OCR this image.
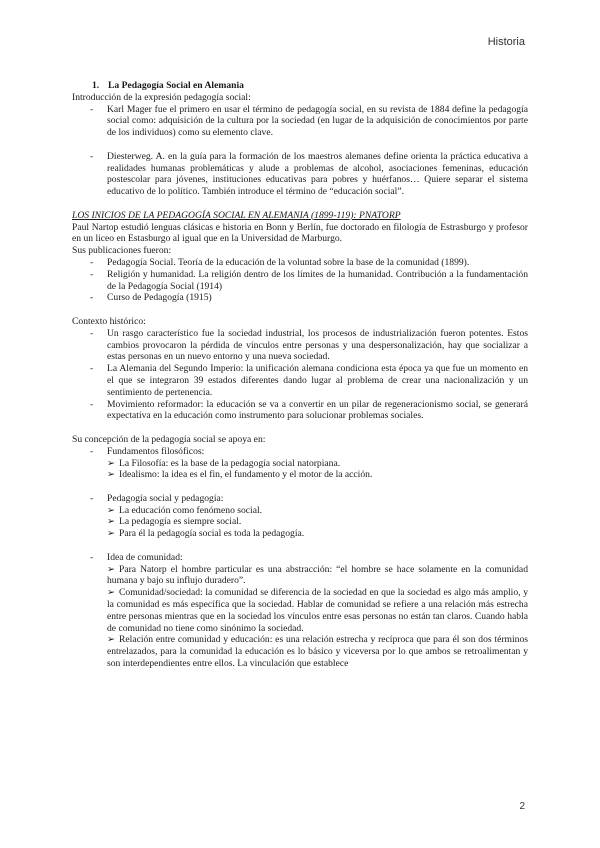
Historia

1. La Pedagogía Social en Alemania

Introducción de la expresión pedagogía social:

- Karl Mager fue el primero en usar el término de pedagogía social, en su revista de 1884 define la pedagogía social como: adquisición de la cultura por la sociedad (en lugar de la adquisición de conocimientos por parte de los individuos) como su elemento clave.

- Diesterweg. A. en la guía para la formación de los maestros alemanes define orienta la práctica educativa a realidades humanas problemáticas y alude a problemas de alcohol, asociaciones femeninas, educación postescolar para jóvenes, instituciones educativas para pobres y huérfanos… Quiere separar el sistema educativo de lo político. También introduce el término de “educación social”.

LOS INICIOS DE LA PEDAGOGÍA SOCIAL EN ALEMANIA (1899-119): PNATORP

Paul Nartop estudió lenguas clásicas e historia en Bonn y Berlín, fue doctorado en filología de Estrasburgo y profesor en un liceo en Estasburgo al igual que en la Universidad de Marburgo.

Sus publicaciones fueron:

- Pedagogía Social. Teoría de la educación de la voluntad sobre la base de la comunidad (1899).

- Religión y humanidad. La religión dentro de los límites de la humanidad. Contribución a la fundamentación de la Pedagogía Social (1914)

- Curso de Pedagogía (1915)

Contexto histórico:

- Un rasgo característico fue la sociedad industrial, los procesos de industrialización fueron potentes. Estos cambios provocaron la pérdida de vínculos entre personas y una despersonalización, hay que socializar a estas personas en un nuevo entorno y una nueva sociedad.

- La Alemania del Segundo Imperio: la unificación alemana condiciona esta época ya que fue un momento en el que se integraron 39 estados diferentes dando lugar al problema de crear una nacionalización y un sentimiento de pertenencia.

- Movimiento reformador: la educación se va a convertir en un pilar de regeneracionismo social, se generará expectativa en la educación como instrumento para solucionar problemas sociales.

Su concepción de la pedagogía social se apoya en:

- Fundamentos filosóficos:

➢ La Filosofía: es la base de la pedagogía social natorpiana.

➢ Idealismo: la idea es el fin, el fundamento y el motor de la acción.

- Pedagogía social y pedagogía:

➢ La educación como fenómeno social.

➢ La pedagogía es siempre social.

➢ Para él la pedagogía social es toda la pedagogía.

- Idea de comunidad:

➢ Para Natorp el hombre particular es una abstracción: “el hombre se hace solamente en la comunidad humana y bajo su influjo duradero”.

➢ Comunidad/sociedad: la comunidad se diferencia de la sociedad en que la sociedad es algo más amplio, y la comunidad es más específica que la sociedad. Hablar de comunidad se refiere a una relación más estrecha entre personas mientras que en la sociedad los vínculos entre esas personas no están tan claros. Cuando habla de comunidad no tiene como sinónimo la sociedad.

➢ Relación entre comunidad y educación: es una relación estrecha y recíproca que para él son dos términos entrelazados, para la comunidad la educación es lo básico y viceversa por lo que ambos se retroalimentan y son interdependientes entre ellos. La vinculación que establece

2
